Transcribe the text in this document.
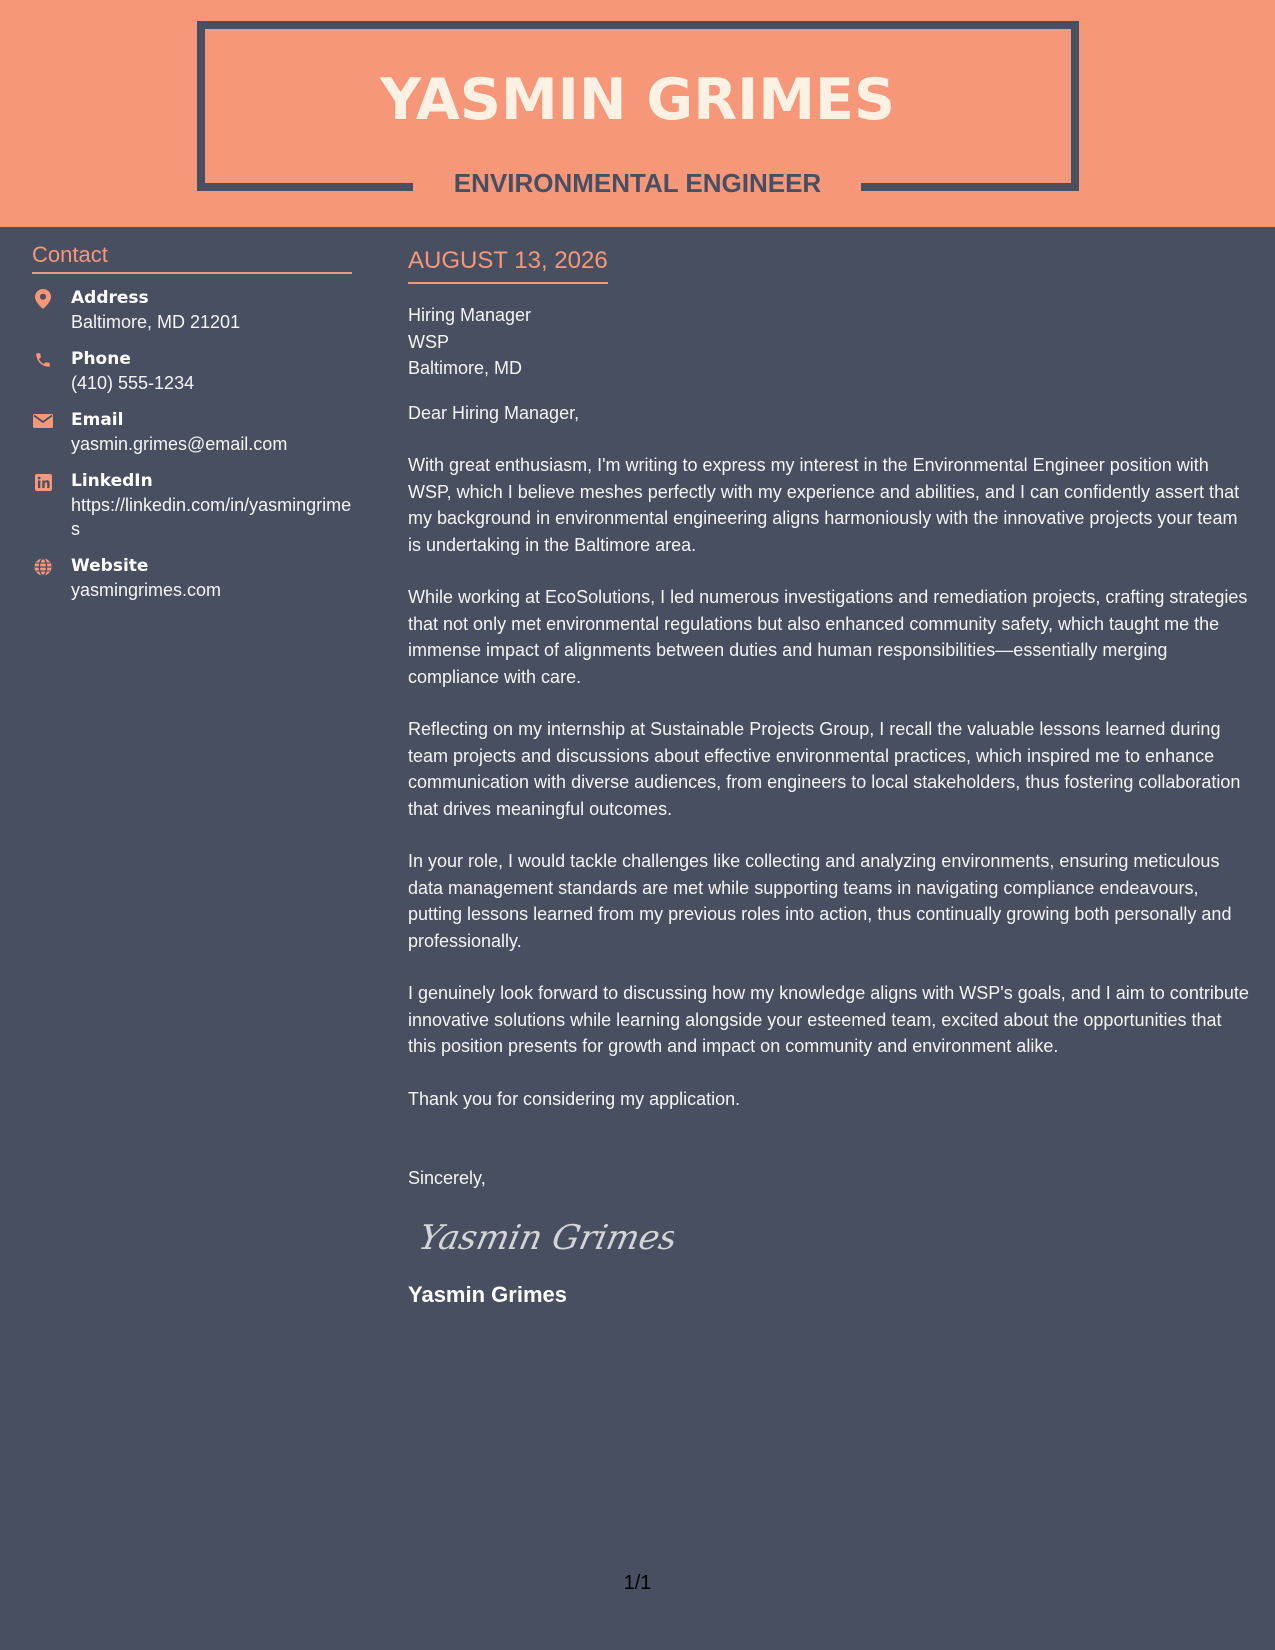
YASMIN GRIMES
ENVIRONMENTAL ENGINEER
Contact
Address
Baltimore, MD 21201
Phone
(410) 555-1234
Email
yasmin.grimes@email.com
LinkedIn
https://linkedin.com/in/yasmingrimes
Website
yasmingrimes.com
AUGUST 13, 2026
Hiring Manager
WSP
Baltimore, MD

Dear Hiring Manager,

With great enthusiasm, I'm writing to express my interest in the Environmental Engineer position with WSP, which I believe meshes perfectly with my experience and abilities, and I can confidently assert that my background in environmental engineering aligns harmoniously with the innovative projects your team is undertaking in the Baltimore area.

While working at EcoSolutions, I led numerous investigations and remediation projects, crafting strategies that not only met environmental regulations but also enhanced community safety, which taught me the immense impact of alignments between duties and human responsibilities—essentially merging compliance with care.

Reflecting on my internship at Sustainable Projects Group, I recall the valuable lessons learned during team projects and discussions about effective environmental practices, which inspired me to enhance communication with diverse audiences, from engineers to local stakeholders, thus fostering collaboration that drives meaningful outcomes.

In your role, I would tackle challenges like collecting and analyzing environments, ensuring meticulous data management standards are met while supporting teams in navigating compliance endeavours, putting lessons learned from my previous roles into action, thus continually growing both personally and professionally.

I genuinely look forward to discussing how my knowledge aligns with WSP's goals, and I aim to contribute innovative solutions while learning alongside your esteemed team, excited about the opportunities that this position presents for growth and impact on community and environment alike.

Thank you for considering my application.

Sincerely,
Yasmin Grimes
Yasmin Grimes
1/1
